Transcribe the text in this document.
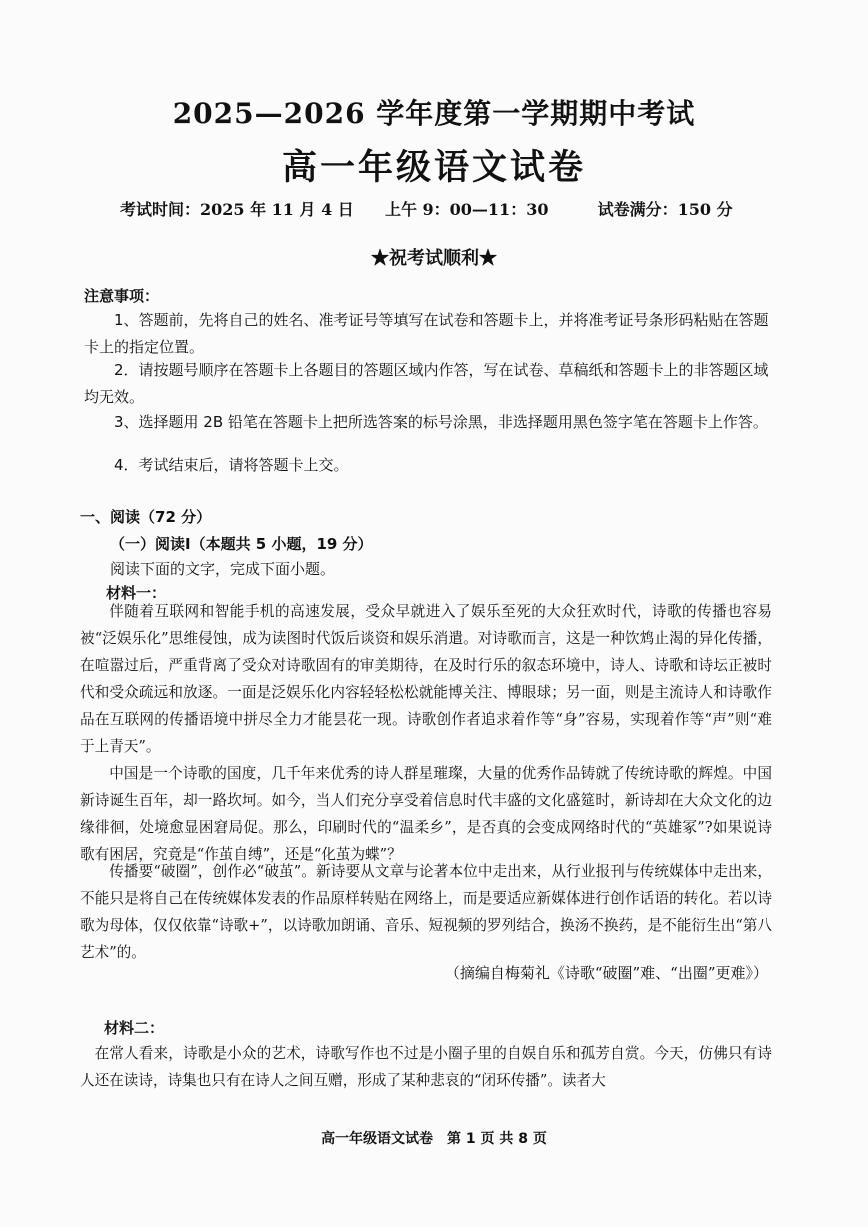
2025—2026 学年度第一学期期中考试
高一年级语文试卷
考试时间：2025 年 11 月 4 日 上午 9：00—11：30	试卷满分：150 分
★祝考试顺利★
注意事项：
1、答题前，先将自己的姓名、准考证号等填写在试卷和答题卡上，并将准考证号条形码粘贴在答题卡上的指定位置。
2．请按题号顺序在答题卡上各题目的答题区域内作答，写在试卷、草稿纸和答题卡上的非答题区域均无效。
3、选择题用 2B 铅笔在答题卡上把所选答案的标号涂黑，非选择题用黑色签字笔在答题卡上作答。
4．考试结束后，请将答题卡上交。
一、阅读（72 分）
（一）阅读Ⅰ（本题共 5 小题，19 分）
阅读下面的文字，完成下面小题。
材料一：
伴随着互联网和智能手机的高速发展，受众早就进入了娱乐至死的大众狂欢时代，诗歌的传播也容易被“泛娱乐化”思维侵蚀，成为读图时代饭后谈资和娱乐消遣。对诗歌而言，这是一种饮鸩止渴的异化传播，在喧嚣过后，严重背离了受众对诗歌固有的审美期待，在及时行乐的叙态环境中，诗人、诗歌和诗坛正被时代和受众疏远和放逐。一面是泛娱乐化内容轻轻松松就能博关注、博眼球；另一面，则是主流诗人和诗歌作品在互联网的传播语境中拼尽全力才能昙花一现。诗歌创作者追求着作等“身”容易，实现着作等“声”则“难于上青天”。
中国是一个诗歌的国度，几千年来优秀的诗人群星璀璨，大量的优秀作品铸就了传统诗歌的辉煌。中国新诗诞生百年，却一路坎坷。如今，当人们充分享受着信息时代丰盛的文化盛筵时，新诗却在大众文化的边缘徘徊，处境愈显困窘局促。那么，印刷时代的“温柔乡”，是否真的会变成网络时代的“英雄冢”?如果说诗歌有困居，究竟是“作茧自缚”，还是“化茧为蝶”？
传播要“破圈”，创作必“破茧”。新诗要从文章与论著本位中走出来，从行业报刊与传统媒体中走出来，不能只是将自己在传统媒体发表的作品原样转贴在网络上，而是要适应新媒体进行创作话语的转化。若以诗歌为母体，仅仅依靠“诗歌+”，以诗歌加朗诵、音乐、短视频的罗列结合，换汤不换药，是不能衍生出“第八艺术”的。
（摘编自梅菊礼《诗歌“破圈”难、“出圈”更难》）
材料二：
在常人看来，诗歌是小众的艺术，诗歌写作也不过是小圈子里的自娱自乐和孤芳自赏。今天，仿佛只有诗人还在读诗，诗集也只有在诗人之间互赠，形成了某种悲哀的“闭环传播”。读者大
高一年级语文试卷　第 1 页 共 8 页
